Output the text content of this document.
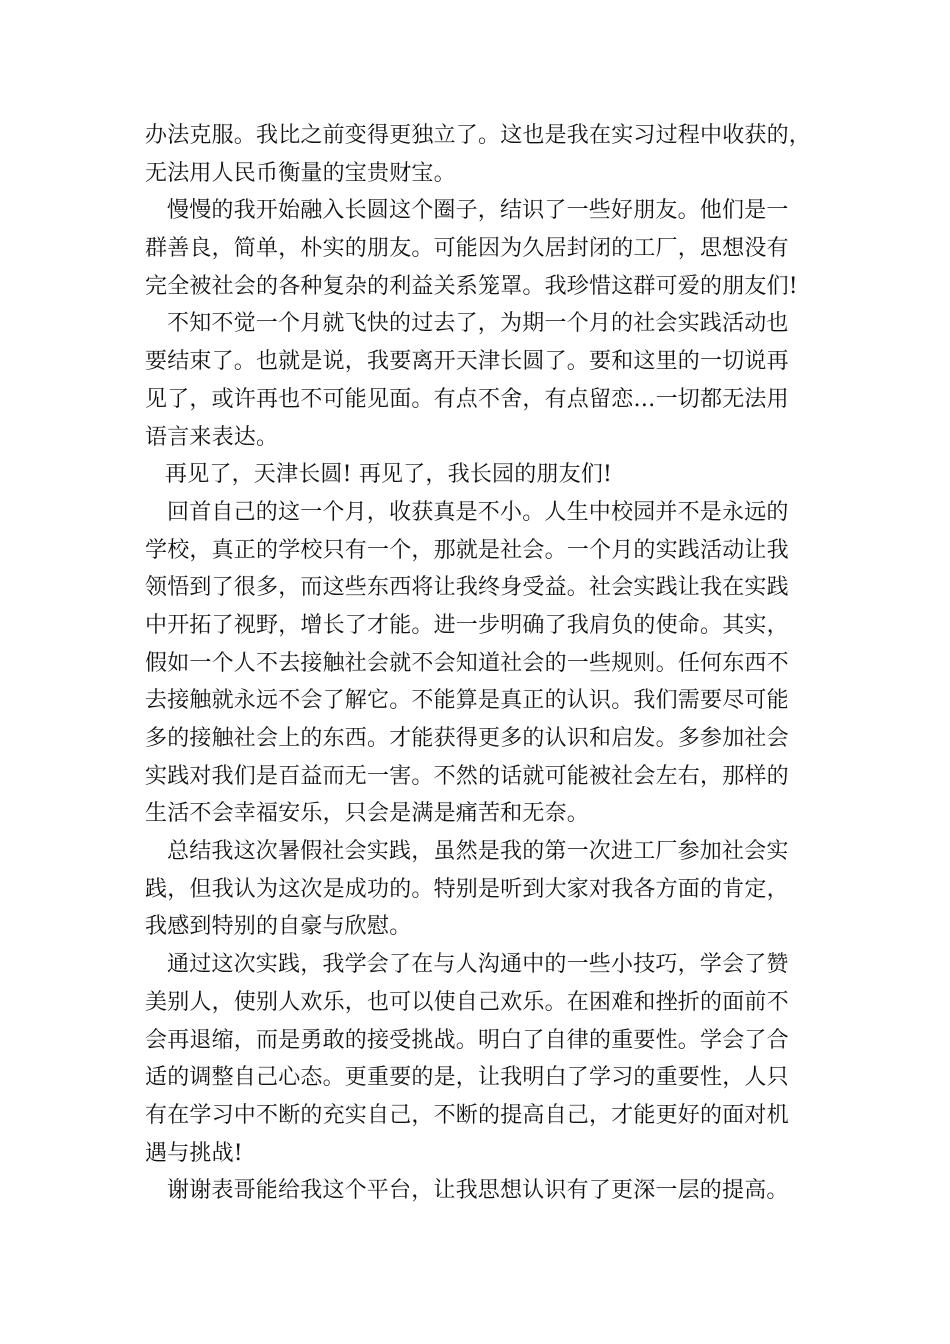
办法克服。我比之前变得更独立了。这也是我在实习过程中收获的，
无法用人民币衡量的宝贵财宝。
慢慢的我开始融入长圆这个圈子，结识了一些好朋友。他们是一
群善良，简单，朴实的朋友。可能因为久居封闭的工厂，思想没有
完全被社会的各种复杂的利益关系笼罩。我珍惜这群可爱的朋友们!
不知不觉一个月就飞快的过去了，为期一个月的社会实践活动也
要结束了。也就是说，我要离开天津长圆了。要和这里的一切说再
见了，或许再也不可能见面。有点不舍，有点留恋…一切都无法用
语言来表达。
再见了，天津长圆! 再见了，我长园的朋友们!
回首自己的这一个月，收获真是不小。人生中校园并不是永远的
学校，真正的学校只有一个，那就是社会。一个月的实践活动让我
领悟到了很多，而这些东西将让我终身受益。社会实践让我在实践
中开拓了视野，增长了才能。进一步明确了我肩负的使命。其实，
假如一个人不去接触社会就不会知道社会的一些规则。任何东西不
去接触就永远不会了解它。不能算是真正的认识。我们需要尽可能
多的接触社会上的东西。才能获得更多的认识和启发。多参加社会
实践对我们是百益而无一害。不然的话就可能被社会左右，那样的
生活不会幸福安乐，只会是满是痛苦和无奈。
总结我这次暑假社会实践，虽然是我的第一次进工厂参加社会实
践，但我认为这次是成功的。特别是听到大家对我各方面的肯定，
我感到特别的自豪与欣慰。
通过这次实践，我学会了在与人沟通中的一些小技巧，学会了赞
美别人，使别人欢乐，也可以使自己欢乐。在困难和挫折的面前不
会再退缩，而是勇敢的接受挑战。明白了自律的重要性。学会了合
适的调整自己心态。更重要的是，让我明白了学习的重要性，人只
有在学习中不断的充实自己，不断的提高自己，才能更好的面对机
遇与挑战!
谢谢表哥能给我这个平台，让我思想认识有了更深一层的提高。
